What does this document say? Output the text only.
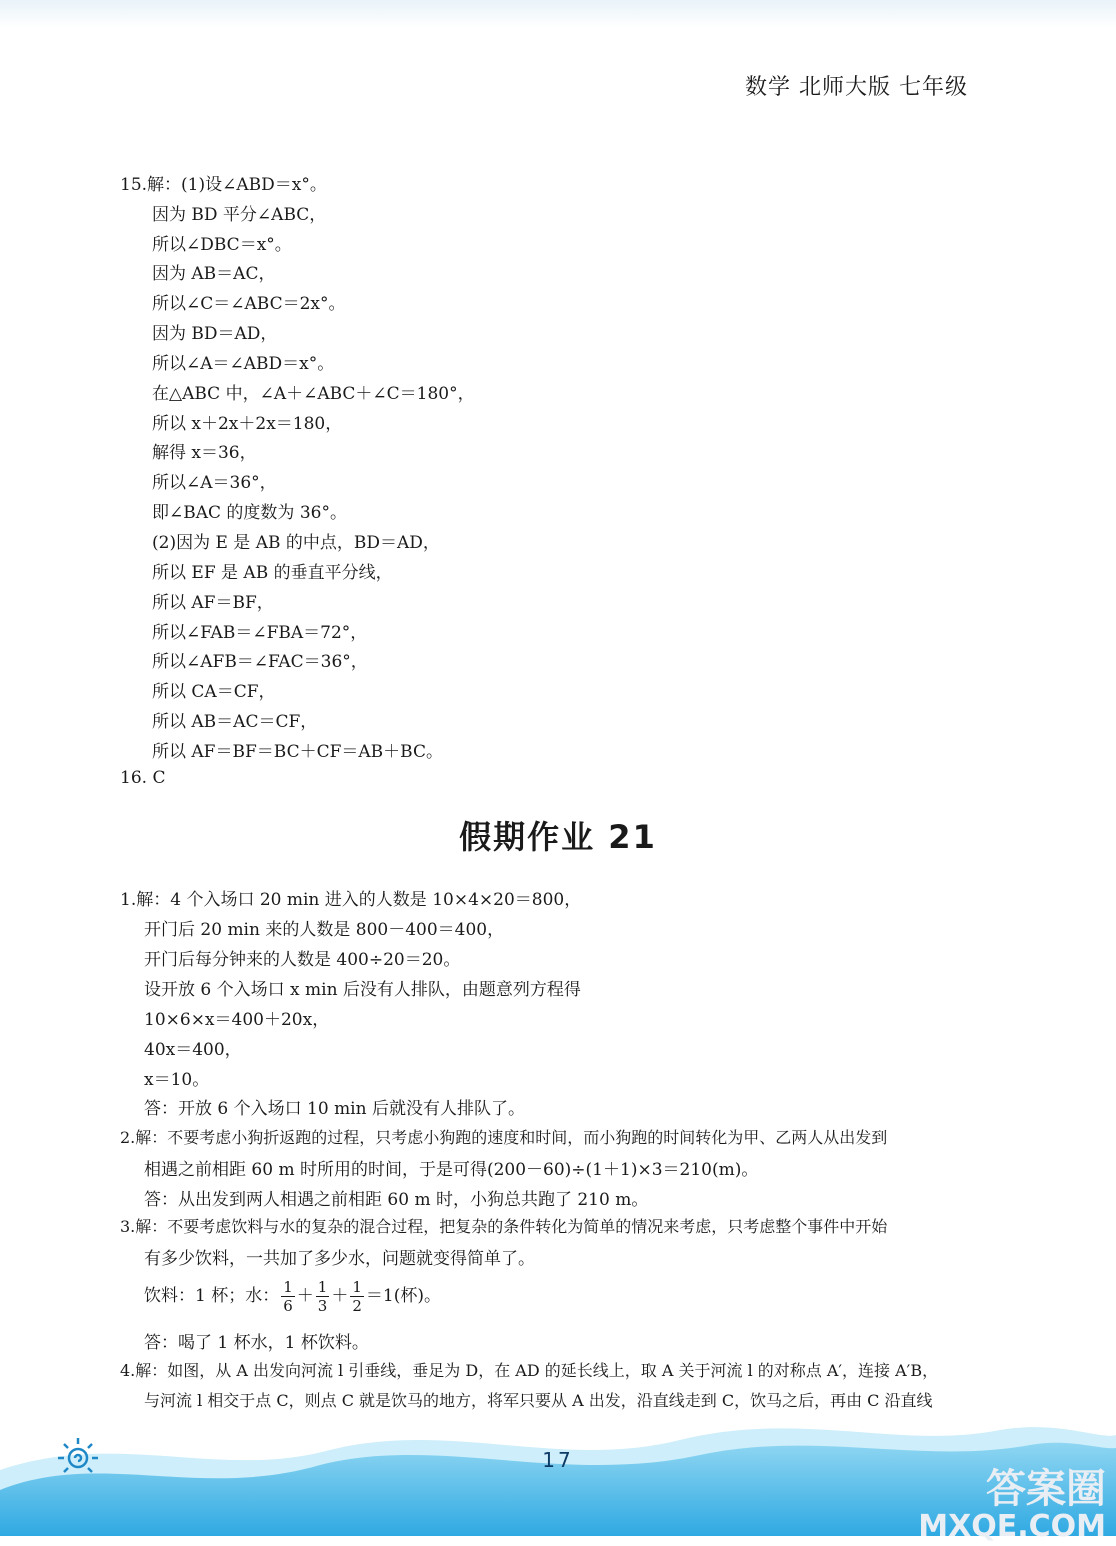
数学 北师大版 七年级
15.解：(1)设∠ABD＝x°。
因为 BD 平分∠ABC，
所以∠DBC＝x°。
因为 AB＝AC，
所以∠C＝∠ABC＝2x°。
因为 BD＝AD，
所以∠A＝∠ABD＝x°。
在△ABC 中，∠A＋∠ABC＋∠C＝180°，
所以 x＋2x＋2x＝180，
解得 x＝36，
所以∠A＝36°，
即∠BAC 的度数为 36°。
(2)因为 E 是 AB 的中点，BD＝AD，
所以 EF 是 AB 的垂直平分线，
所以 AF＝BF，
所以∠FAB＝∠FBA＝72°，
所以∠AFB＝∠FAC＝36°，
所以 CA＝CF，
所以 AB＝AC＝CF，
所以 AF＝BF＝BC＋CF＝AB＋BC。
16. C
假期作业 21
1.解：4 个入场口 20 min 进入的人数是 10×4×20＝800，
开门后 20 min 来的人数是 800－400＝400，
开门后每分钟来的人数是 400÷20＝20。
设开放 6 个入场口 x min 后没有人排队，由题意列方程得
10×6×x＝400＋20x，
40x＝400，
x＝10。
答：开放 6 个入场口 10 min 后就没有人排队了。
2.解：不要考虑小狗折返跑的过程，只考虑小狗跑的速度和时间，而小狗跑的时间转化为甲、乙两人从出发到
相遇之前相距 60 m 时所用的时间，于是可得(200－60)÷(1＋1)×3＝210(m)。
答：从出发到两人相遇之前相距 60 m 时，小狗总共跑了 210 m。
3.解：不要考虑饮料与水的复杂的混合过程，把复杂的条件转化为简单的情况来考虑，只考虑整个事件中开始
有多少饮料，一共加了多少水，问题就变得简单了。
饮料：1 杯；水： $\frac{1}{6} + \frac{1}{3} + \frac{1}{2} =1$(杯)。
答：喝了 1 杯水，1 杯饮料。
4.解：如图，从 A 出发向河流 l 引垂线，垂足为 D，在 AD 的延长线上，取 A 关于河流 l 的对称点 A′，连接 A′B，
与河流 l 相交于点 C，则点 C 就是饮马的地方，将军只要从 A 出发，沿直线走到 C，饮马之后，再由 C 沿直线
17
答案圈
MXQE.COM
